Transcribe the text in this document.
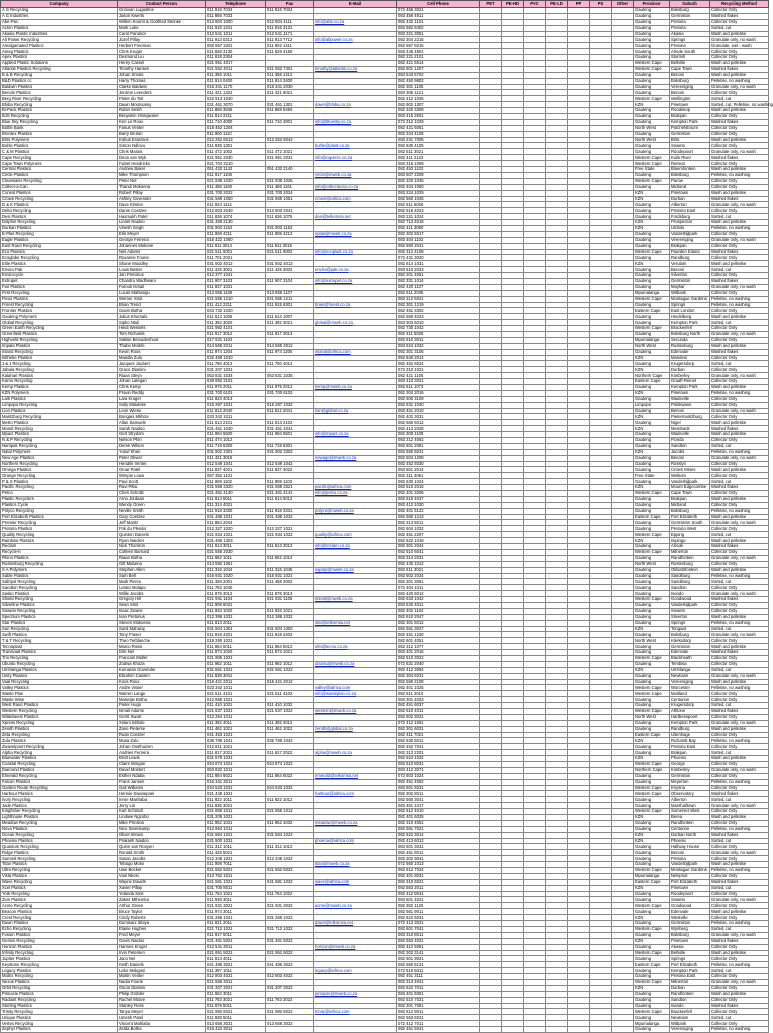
Company	Contact Person	Telephone	Fax	E-Mail	Cell Phone	PET	PE-HD	PVC	PE-LD	PP	PS	Other	Province	Suburb	Recycling Method
A G Recycling	Grinivan Lugustine	011 916 7034	011 916 7034		072 456 3021								Gauteng	Boksburg	Collector Only
A G Industries	Jason Kwerts	011 865 7033			083 456 4911								Gauteng	Germiston	Washed flakes
Abe-Pac	Willem Koorst & Godfried Steinke	012 804 1000	012 804 4111	info@abe.co.za	082 432 1101								Gauteng	Pretoria	Collector Only
Acton Plastics	Mark Luke	011 916 1341	011 916 3131		082 562 8402								Gauteng	Pretoria	Sorted, cut
Akasia Plastic Industries	Carol Pandoor	012 541 1011	012 541 1171		083 321 3051								Gauteng	Akasia	Wash and pelletise
All Power Recycling	Jozef Pillay	011 913 0212	011 913 7712	info@allpower.co.za	082 304 2215								Gauteng	Springs	Granulate only, no wash
Amalgamated Plastics	Herbert Freeman	082 557 3201	011 902 1411		082 567 5015								Gauteng	Pretoria	Granulate, wet - wash
Ameg Plastics	Chris Kruger	011 828 3130	011 828 4150		083 445 4901								Gauteng	Alrode South	Collector Only
Apex Plastics	Desmond Liu	011 818 2304			082 221 2101								Gauteng	Stormill	Collector Only
Applied Plastic Solutions	Henry Cassel	021 951 4017			082 421 5514								Western Cape	Bellville	Wash and pelletise
Atlantis Plastics Recycling	Timothy Hansen	021 552 4011	021 552 7401	timothy@atlantis.co.za	082 601 1207								Western Cape	Cape Town	Washed flakes
B & B Recycling	Johan Smuts	011 356 1011	011 356 1312		083 543 6702								Gauteng	Benoni	Wash and pelletise
B&D Plastics cc	Harry Thomas	011 914 0400	011 914 3400		082 450 9802								Gauteng	Boksburg	Pelletise, no washing
Baldwin Plastics	Clarke Baldwin	016 341 1170	016 341 2030		082 301 1105								Gauteng	Vereeniging	Granulate only, no wash
Benoni Plastics	Jerome Leenders	011 421 1322	011 421 6021		083 305 1121								Gauteng	Benoni	Collector Only
Berg River Recycling	Pieter du Toit	022 913 1040			082 412 1025								Western Cape	Wellington	Sorted, cut
Bhiba Recycling	Dawn Moonsamy	031 461 3070	031 461 1301	dawn@bhiba.co.za	082 902 1307								KZN	Pinetown	Sorted, cut, Pelletise, no washing
Bi-Pack Plastics	Robin Smith	011 868 3536	011 868 5450		082 320 3308								Gauteng	Roodekop	Wash and pelletise
BJS Recycling	Benjamin Hlongwane	011 814 2211			083 415 2601								Gauteng	Brakpan	Collector Only
Blue Sky Recycling	Ken Le Roux	011 710 4000	011 710 4001	info@bluesky.co.za	072 312 1029								Gauteng	Kempton Park	Washed flakes
Bottle Bank	Fanus Venter	018 462 1204			082 421 6061								North West	Potchefstroom	Collector Only
Brentex Plastics	Barry Bruton	011 900 1110			082 334 4105								Gauteng	Germiston	Collector Only
Brits Polymers	Kobus Erasmus	012 252 6013	012 252 6042		083 231 7005								North West	Brits	Wash and pelletise
Buhle Plastics	Simon Ndlovu	011 938 1301		buhle@plast.co.za	082 630 4105								Gauteng	Soweto	Collector Only
C & M Plastics	Chris Marais	011 472 1002	011 472 1021		082 511 3021								Gauteng	Roodepoort	Granulate only, no wash
Cape Recycling	Deon van Wyk	021 951 2030	021 951 2031	info@caperec.co.za	082 411 2122								Western Cape	Kuils River	Washed flakes
Cape Town Polymers	Faizel Hendricks	021 704 3210			083 315 1009								Western Cape	Retreat	Collector Only
Central Plastics	Andrew Baker	051 432 1142	051 432 2140		082 453 1102								Free State	Bloemfontein	Wash and pelletise
Circle Plastics	Mike Thompson	011 917 1106		circle@mweb.co.za	083 507 2209								Gauteng	Boksburg	Pelletise, no washing
Clearwater Recycling	Peter Nel	021 938 1020	021 938 1026		082 320 1045								Western Cape	Parow	Collector Only
Collect-a-Can	Thandi Mokoena	011 466 1160	011 466 1161	info@collectacan.co.za	082 404 1050								Gauteng	Midrand	Collector Only
Consol Plastics	Robert Pillay	031 700 2022	031 700 2024		083 224 1029								KZN	Pinetown	Wash and pelletise
Crown Recycling	Ashley Govender	031 569 1050	031 569 1051	crown@iafrica.com	082 560 1045								KZN	Durban	Washed flakes
D & K Plastics	Dave Kirsten	011 824 1114			082 611 6026								Gauteng	Alberton	Granulate only, no wash
Delta Recycling	Danie Coetzee	012 803 2040	012 803 2041		082 515 4023								Gauteng	Pretoria East	Collector Only
Desi Plastics	Hasmukh Patel	011 836 1074	011 836 1075	desi@telkomsa.net	083 221 1024								Gauteng	Fordsburg	Sorted, cut
Dolphin Recycling	Lionel Naidoo	031 465 2130			082 713 4018								KZN	Prospecton	Wash and pelletise
Durban Plastics	Vinesh Singh	031 903 1152	031 903 1153		082 411 3060								KZN	Umbilo	Pelletise, no washing
E-Plas Recycling	Erik Meyer	011 908 4211	011 908 4212	eplas@mweb.co.za	082 302 5017								Gauteng	Vanderbijlpark	Collector Only
Eagle Plastics	George Ferreira	016 422 1060			083 404 1102								Gauteng	Vereeniging	Granulate only, no wash
East Rand Recycling	Johannes Mokone	011 811 3014	011 811 3015		082 560 2041								Gauteng	Brakpan	Collector Only
Eco Plastics	Neil Adams	021 511 6001	021 511 6002	info@ecoplast.co.za	082 312 4108								Western Cape	Paarden Eiland	Washed flakes
Ecoglobe Recycling	Roxanne Fourie	011 701 2021			072 431 3020								Gauteng	Randburg	Collector Only
Elite Plastics	Shane Moodley	031 502 4012	031 502 4013		082 614 1031								KZN	Verulam	Wash and pelletise
Enviro Pak	Louis Bester	011 425 3001	011 425 3002	enviro@pak.co.za	083 510 2033								Gauteng	Benoni	Sorted, cut
Envirocycle	Jan Pretorius	012 377 1041			082 201 4051								Gauteng	Silverton	Collector Only
Extrupet	Chandru Wadhwani	011 907 3103	011 907 3104	info@extrupet.co.za	082 331 1014								Gauteng	Germiston	Washed flakes
Fair Plastics	Farouk Ismail	011 837 1031			082 420 1107								Gauteng	Mayfair	Granulate only, no wash
First Recycling	Lucas Mahlangu	013 656 1106	013 656 1107		082 611 2035								Mpumalanga	Witbank	Collector Only
Flexo Plastics	Werner Smit	021 555 1210	021 555 1211		083 312 5021								Western Cape	Montague Gardens	Pelletise, no washing
Forest Recycling	Brian Trend	011 412 2211	011 915 6301	brian@forest.co.za	082 301 1219								Gauteng	Springs	Pelletise, no washing
Frontier Plastics	Gavin Botha	043 732 1020			082 451 3302								Eastern Cape	East London	Collector Only
Gauteng Polymers	Julius Khumalo	011 613 1006	011 613 1007		082 560 4023								Gauteng	Heidelberg	Wash and pelletise
Global Recycling	Sipho Ntuli	011 392 3020	011 392 3021	global@mweb.co.za	083 303 6010								Gauteng	Kempton Park	Sorted, cut
Green Earth Recycling	Heidi Wessels	021 982 4101			082 730 1042								Western Cape	Brackenfell	Collector Only
Greenfield Plastics	Tom Richards	011 917 3012	011 917 3013		082 411 5028								Gauteng	Boksburg North	Granulate only, no wash
Highveld Recycling	Sakkie Bezuidenhout	017 631 1102			082 610 3011								Mpumalanga	Secunda	Collector Only
Impala Plastics	Thabo Molefe	014 565 2011	014 565 2012		083 524 1032								North West	Rustenburg	Wash and pelletise
Inland Recycling	Kevin Roos	011 974 1204	011 974 1205	inland@iafrica.com	082 301 3105								Gauteng	Edenvale	Washed flakes
Isithebe Plastics	Mandla Zulu	032 459 1010			082 640 2014								KZN	Mandeni	Collector Only
J & J Recycling	Jacques Joubert	011 760 4013	011 760 4014		082 452 6024								Gauteng	Krugersdorp	Sorted, cut
Jabula Recycling	Grace Dlamini	031 207 1031			072 310 1021								KZN	Durban	Collector Only
Kalahari Plastics	Riaan Steyn	053 831 1034	053 831 1035		082 421 1105								Northern Cape	Kimberley	Granulate only, no wash
Karoo Recycling	Johan Lategan	049 892 3101			083 410 3021								Eastern Cape	Graaff-Reinet	Collector Only
Kemp Plastics	Chris Kemp	011 975 2011	011 975 2012	kemp@mweb.co.za	082 611 1073								Gauteng	Kempton Park	Wash and pelletise
KZN Polymers	Pravin Reddy	031 700 6101	031 700 6102		082 304 2016								KZN	Pinetown	Pelletise, no washing
Lark Plastics	Lara Kruger	011 823 4013			082 500 3109								Gauteng	Wadeville	Collector Only
Limpopo Recycling	Solly Maluleke	015 297 1031	015 297 1032		082 631 1040								Limpopo	Polokwane	Collector Only
Lion Plastics	Leon Wiese	011 812 2040	011 812 2041	lion@global.co.za	083 451 2010								Gauteng	Benoni	Granulate only, no wash
Maritzburg Recycling	Bongani Mkhize	033 342 1011			082 402 3031								KZN	Pietermaritzburg	Collector Only
Metro Plastics	Allan Samuels	011 613 2101	011 613 2102		082 560 5012								Gauteng	Nigel	Wash and pelletise
Mondi Recycling	Sarah Naidoo	031 451 1040	031 451 1041		082 413 2028								KZN	Merebank	Washed flakes
Mpact Plastics	Gert Strydom	011 994 5500	011 994 5501	info@mpact.co.za	082 300 1109								Gauteng	Wadeville	Wash and pelletise
N & P Recycling	Nelson Phiri	011 474 1012			083 212 4062								Gauteng	Florida	Collector Only
Nampak Recycling	Derek Wilson	011 719 6300	011 719 6301		082 601 2081								Gauteng	Sandton	Sorted, cut
Natal Polymers	Yusuf Khan	031 902 3301	031 902 3302		082 560 6031								KZN	Jacobs	Pelletise, no washing
New Age Plastics	Peter Olivier	011 421 3015		newage@mweb.co.za	082 504 1208								Gauteng	Benoni	Granulate only, no wash
Northern Recycling	Hendrik Venter	012 549 1041	012 549 1042		082 452 5030								Gauteng	Rosslyn	Collector Only
Omega Plastics	Omar Patel	011 837 4021	011 837 4022		083 601 2014								Gauteng	Crown Mines	Wash and pelletise
Orange Recycling	Wimpie Louw	057 352 1101			082 311 4061								Free State	Welkom	Collector Only
P & S Plastics	Paul Scott	011 908 1102	011 908 1103		082 630 1024								Gauteng	Vanderbijlpark	Sorted, cut
Pacific Recycling	Ravi Pillai	031 569 3320	031 569 3321	pacific@iafrica.com	082 510 2016								KZN	Mount Edgecombe	Washed flakes
Petco	Cheri Scholtz	021 461 4140	021 461 4141	info@petco.co.za	082 401 3206								Western Cape	Cape Town	Collector Only
Plastic Recyclers	Arno Jordaan	011 814 5011	011 814 5012		082 610 4037								Gauteng	Brakpan	Wash and pelletise
Plastics Cycle	Wendy Green	011 314 4021			083 412 1030								Gauteng	Midrand	Collector Only
Polyco Recycling	Neville Smith	011 918 3330	011 918 3331	polyco@mweb.co.za	082 401 5122								Gauteng	Boksburg	Pelletise, no washing
Port Elizabeth Plastics	Gary Coetzee	041 486 1031	041 486 1032		082 560 1213								Eastern Cape	Port Elizabeth	Wash and pelletise
Premier Recycling	Jeff Maritz	011 864 2044			082 313 6011								Gauteng	Germiston South	Granulate only, no wash
Pretoria Plastics	Frik du Plessis	012 327 1020	012 327 1021		082 604 1032								Gauteng	Pretoria West	Collector Only
Quality Recycling	Quinton Daniels	021 934 1021	021 934 1022	quality@iafrica.com	082 451 2207								Western Cape	Epping	Sorted, cut
Rainbow Plastics	Ryan Naicker	031 465 1303			082 622 1018								KZN	Isipingo	Wash and pelletise
Reclam	Nick Thornton	011 613 3011	011 613 3012	info@reclam.co.za	082 301 2044								Gauteng	Alrode	Washed flakes
Recycle-It	Colleen Barnard	021 556 2030			082 510 6041								Western Cape	Milnerton	Collector Only
Rhino Plastics	Riaan Botha	011 662 1011	011 662 1012		083 314 2031								Gauteng	Randfontein	Granulate only, no wash
Rustenburg Recycling	Gift Mabena	014 592 1061			082 430 1012								North West	Rustenburg	Collector Only
S A Polymers	Stephen Allen	011 316 1044	011 316 1045	sapoly@mweb.co.za	082 611 3021								Gauteng	Olifantsfontein	Wash and pelletise
Sable Plastics	Sam Bell	016 931 1020	016 931 1021		082 502 2034								Gauteng	Sasolburg	Pelletise, no washing
Safripol Recycling	Mark Pierce	011 458 2001	011 458 2002		082 301 3051								Gauteng	Sasolburg	Sorted, cut
Sandton Recycling	Lerato Molapo	011 783 1040			072 404 1011								Gauteng	Sandton	Collector Only
Sasko Plastics	Willie Jacobs	011 876 3012	011 876 3013		082 420 6012								Gauteng	Isando	Granulate only, no wash
Shield Recycling	Gregory Hill	021 931 1104	021 931 1105	shield@mweb.co.za	082 633 1042								Western Cape	Goodwood	Washed flakes
Silverline Plastics	Sean Smit	011 908 6031			083 520 4011								Gauteng	Vanderbijlpark	Collector Only
Soweto Recycling	Isaac Zwane	011 933 1020	011 933 1021		082 402 1104								Gauteng	Soweto	Collector Only
Spectrum Plastics	Ivan Pretorius	012 386 1031	012 386 1032		082 610 2047								Gauteng	Silverton	Wash and pelletise
Star Plastics	Steven Mokoena	011 813 2011		star@telkomsa.net	082 301 5012								Gauteng	Springs	Pelletise, no washing
Sun Recycling	Sunil Maharaj	031 504 1301	031 504 1302		082 561 3027								KZN	Tongaat	Sorted, cut
Swift Plastics	Tony Fraser	011 918 4401	011 918 4402		082 451 1230								Gauteng	Boksburg	Granulate only, no wash
T & T Recycling	Theo Terblanche	018 290 1021			082 601 4051								North West	Klerksdorp	Collector Only
Tecnoplast	Marco Rossi	011 864 5011	011 864 5012	info@tecno.co.za	082 312 1077								Gauteng	Germiston	Wash and pelletise
Transvaal Plastics	Dirk Nel	011 873 1020	011 873 1021		083 401 2016								Gauteng	Edenvale	Washed flakes
Trio Recycling	Francois Muller	021 905 1021			082 510 3022								Western Cape	Blackheath	Collector Only
Ubuntu Recycling	Zodwa Khoza	011 982 1011	011 982 1012	ubuntu@mweb.co.za	072 631 2040								Gauteng	Tembisa	Collector Only
Umhlanga Plastics	Kumaran Govender	031 561 1021	031 561 1022		082 412 3054								KZN	Umhlanga	Sorted, cut
Unity Plastics	Ebrahim Cassim	011 838 3041			082 304 5031								Gauteng	Newtown	Granulate only, no wash
Vaal Recycling	Koos Roux	016 421 2011	016 421 2012		082 560 2108								Gauteng	Vereeniging	Wash and pelletise
Valley Plastics	Andre Visser	023 342 1011		valley@iafrica.com	082 401 1025								Western Cape	Worcester	Pelletise, no washing
Waste Plan	Warren Lange	021 511 4101	021 511 4102	info@wasteplan.co.za	082 611 2010								Western Cape	Maitland	Collector Only
Waste Wise	Marietjie Botha	012 665 1021			083 301 4023								Gauteng	Centurion	Collector Only
West Rand Plastics	Pieter Hugo	011 410 1031	011 410 1032		082 451 6037								Gauteng	Krugersdorp	Sorted, cut
Western Recycling	Ismail Adams	021 637 1021	021 637 1022	western@mweb.co.za	082 510 4011								Western Cape	Athlone	Washed flakes
Wildebeest Plastics	Gerrit Swart	012 254 1011			082 602 3021								North West	Hartbeespoort	Collector Only
Xpress Recycling	Xolani Sithole	011 392 4011	011 392 4012		072 412 1051								Gauteng	Kempton Park	Granulate only, no wash
Zenith Plastics	Zane Pieterse	011 462 1021	011 462 1022	zenith@global.co.za	082 301 6031								Gauteng	Randburg	Wash and pelletise
Zeta Recycling	Ruan Coetzer	041 453 1021			082 411 7021								Eastern Cape	Uitenhage	Collector Only
Zulu Plastics	Musa Zulu	035 789 1041	035 789 1042		082 630 5011								KZN	Richards Bay	Pelletise, no washing
Zwavelpoort Recycling	Johan Oosthuizen	012 811 1021			082 452 7041								Gauteng	Pretoria East	Collector Only
Alpha Recycling	Andries Ferreira	011 817 2021	011 817 2022	alpha@mweb.co.za	082 313 2201								Gauteng	Brakpan	Sorted, cut
Bluewater Plastics	Brett Lewis	031 579 1031			082 624 1032								KZN	Phoenix	Wash and pelletise
Coastal Recycling	Claire Morgan	044 874 1021	044 874 1022		082 510 8031								Western Cape	George	Collector Only
Diamond Plastics	David Mostert	053 832 1011			083 412 3071								Northern Cape	Kimberley	Granulate only, no wash
Emerald Recycling	Esther Ndaba	011 864 6021	011 864 6022	emerald@telkomsa.net	072 603 1024								Gauteng	Germiston	Collector Only
Falcon Plastics	Frans Jansen	016 341 3011			082 451 4062								Gauteng	Meyerton	Pelletise, no washing
Garden Route Recycling	Gail Williams	044 533 1031	044 533 1032		082 601 5031								Western Cape	Knysna	Collector Only
Harbour Plastics	Hennie Swanepoel	021 448 1021		harbour@iafrica.com	082 302 8011								Western Cape	Observatory	Washed flakes
Ivory Recycling	Irene Mashaba	011 822 1011	011 822 1012		082 560 3041								Gauteng	Alberton	Sorted, cut
Jade Plastics	Jerry Lin	011 836 3021			083 451 1017								Gauteng	Marshalltown	Granulate only, no wash
Kingfisher Recycling	Karl Schmidt	021 855 1011	021 855 1012		082 612 4010								Western Cape	Somerset West	Collector Only
Lighthouse Plastics	Lindiwe Ngcobo	031 205 1021			082 401 6025								KZN	Berea	Wash and pelletise
Meadow Recycling	Mike Prinsloo	011 952 1031	011 952 1032	meadow@mweb.co.za	082 310 4051								Gauteng	Randfontein	Collector Only
Nova Plastics	Nico Steenkamp	012 664 1011			082 561 7021								Gauteng	Centurion	Pelletise, no washing
Ocean Recycling	Oliver Brown	031 564 1021	031 564 1022		082 622 3014								KZN	Durban North	Washed flakes
Phoenix Plastics	Prakash Naidoo	031 500 1031		phoenix@iafrica.com	082 413 6012								KZN	Phoenix	Sorted, cut
Quantum Recycling	Quinn van Rooyen	011 312 1011	011 312 1012		083 601 3031								Gauteng	Halfway House	Collector Only
Ridge Plastics	Ronald Smith	011 425 5021			082 451 8011								Gauteng	Benoni	Granulate only, no wash
Summit Recycling	Susan Jacobs	012 348 1021	012 348 1022		082 302 9041								Gauteng	Pretoria	Collector Only
Titan Plastics	Tebogo Moloi	011 908 7011		titan@mweb.co.za	072 560 1013								Gauteng	Vanderbijlpark	Wash and pelletise
Ultra Recycling	Uwe Becker	021 552 5021	021 552 5022		082 612 7024								Western Cape	Montague Gardens	Pelletise, no washing
Vista Plastics	Vusi Nkosi	013 752 1011			082 401 8031								Mpumalanga	Nelspruit	Collector Only
Wave Recycling	Wayne Davids	041 581 1021	041 581 1022	wave@iafrica.com	082 310 6021								Eastern Cape	Port Elizabeth	Washed flakes
Xcel Plastics	Xavier Pillay	031 700 8011			082 563 2011								KZN	Pinetown	Sorted, cut
York Recycling	Yolanda Smit	011 764 1021	011 764 1022		082 412 9041								Gauteng	Roodepoort	Collector Only
Zion Plastics	Zakes Mthembu	011 938 3011			083 601 4021								Gauteng	Soweto	Granulate only, no wash
Acme Recycling	Arthur Green	021 931 3021	021 931 3022	acme@mweb.co.za	082 302 1125								Western Cape	Goodwood	Collector Only
Beacon Plastics	Bruce Taylor	011 974 3011			082 561 9011								Gauteng	Edenvale	Wash and pelletise
Crest Recycling	Cindy Roberts	031 266 1021	031 266 1022		082 622 5031								KZN	Westville	Collector Only
Dawn Plastics	Dumisani Sibiya	011 821 2011		dawn@telkomsa.net	072 413 3021								Gauteng	Germiston	Pelletise, no washing
Echo Recycling	Elaine Hughes	021 712 1021	021 712 1022		082 601 7041								Western Cape	Wynberg	Sorted, cut
Fusion Plastics	Fred Meyer	011 917 5011			083 310 8011								Gauteng	Boksburg	Granulate only, no wash
Gemini Recycling	Gavin Naidoo	031 461 5021	031 461 5022		082 563 4021								KZN	Pinetown	Washed flakes
Horizon Plastics	Hannes Kruger	012 541 3011		horizon@mweb.co.za	082 412 5061								Gauteng	Akasia	Collector Only
Infinity Recycling	Irvin Petersen	021 951 5021	021 951 5022		082 302 3141								Western Cape	Bellville	Wash and pelletise
Jupiter Plastics	Jaco Nel	011 813 4011			082 601 9021								Gauteng	Springs	Collector Only
Keystone Recycling	Keith Daniels	041 486 3021	041 486 3022		082 560 5131								Eastern Cape	Port Elizabeth	Pelletise, no washing
Legacy Plastics	Lebo Mokgosi	011 397 1011		legacy@iafrica.com	072 610 5011								Gauteng	Kempton Park	Sorted, cut
Matrix Recycling	Martin Venter	012 803 4021	012 803 4022		082 451 3111								Gauteng	Pretoria East	Collector Only
Nexus Plastics	Nadia Fourie	021 555 3011			082 313 4041								Western Cape	Milnerton	Granulate only, no wash
Orbit Recycling	Oscar Dlamini	031 207 3021	031 207 3022		082 622 7011								KZN	Durban	Collector Only
Pinnacle Plastics	Philip Grobler	011 662 3011		pinnacle@mweb.co.za	083 401 6051								Gauteng	Randfontein	Wash and pelletise
Radiant Recycling	Rachel Moore	011 783 3021	011 783 3022		082 510 7021								Gauteng	Sandton	Collector Only
Sterling Plastics	Stanley Ross	011 876 5011			082 301 7061								Gauteng	Isando	Washed flakes
Trinity Recycling	Tanya Meyer	021 982 6021	021 982 6022	trinity@iafrica.com	082 612 9011								Western Cape	Brackenfell	Collector Only
Unique Plastics	Umesh Patel	011 838 5011			082 563 6021								Gauteng	Newtown	Sorted, cut
Vertex Recycling	Vincent Mahlaba	013 656 3021	013 656 3022		072 412 7011								Mpumalanga	Witbank	Collector Only
Zephyr Plastics	Zelda Botha	016 422 3011			082 451 5041								Gauteng	Vereeniging	Pelletise, no washing
